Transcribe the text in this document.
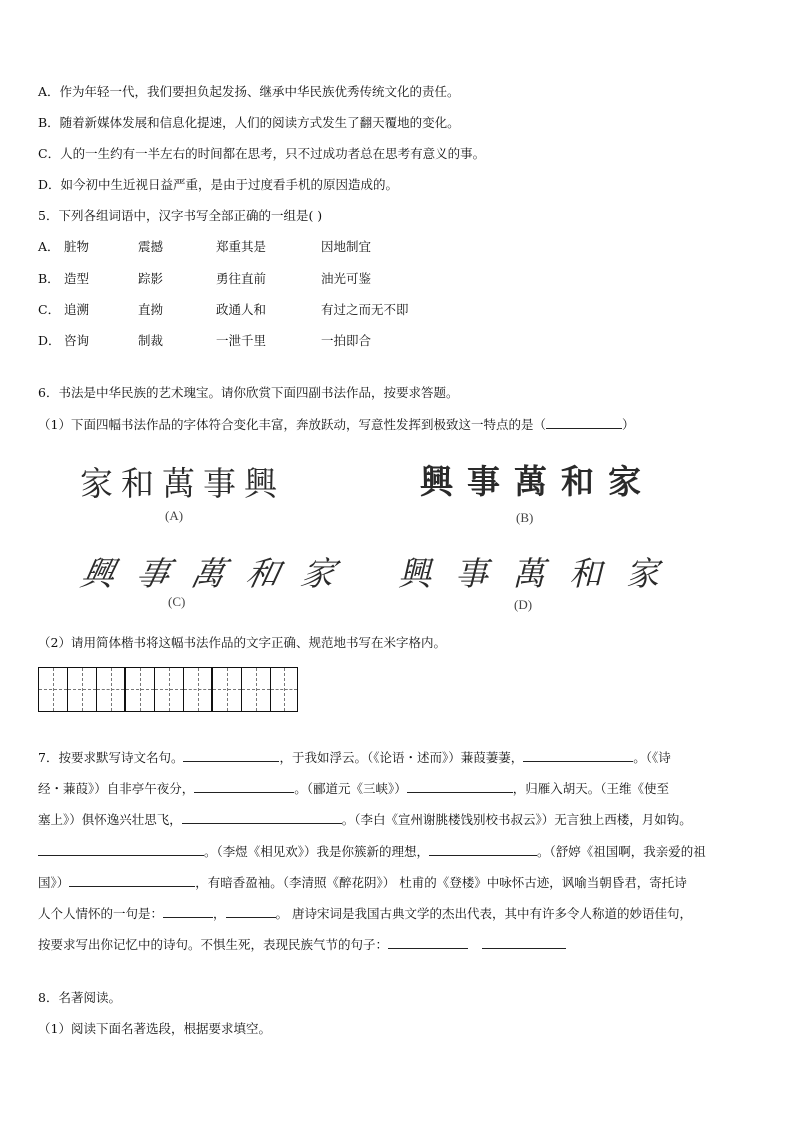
A．作为年轻一代，我们要担负起发扬、继承中华民族优秀传统文化的责任。
B．随着新媒体发展和信息化提速，人们的阅读方式发生了翻天覆地的变化。
C．人的一生约有一半左右的时间都在思考，只不过成功者总在思考有意义的事。
D．如今初中生近视日益严重，是由于过度看手机的原因造成的。
5．下列各组词语中，汉字书写全部正确的一组是( )
A． 脏物	震撼	郑重其是	因地制宜
B． 造型	踪影	勇往直前	油光可鉴
C． 追溯	直拗	政通人和	有过之而无不即
D． 咨询	制裁	一泄千里	一拍即合
6．书法是中华民族的艺术瑰宝。请你欣赏下面四副书法作品，按要求答题。
（1）下面四幅书法作品的字体符合变化丰富，奔放跃动，写意性发挥到极致这一特点的是（	）
家和萬事興
(A)
興事萬和家
(B)
興事萬和家
(C)
興事萬和家
(D)
（2）请用简体楷书将这幅书法作品的文字正确、规范地书写在米字格内。
7．按要求默写诗文名句。	，于我如浮云。（《论语・述而》）蒹葭萋萋，	。（《诗
经・蒹葭》）自非亭午夜分，	。（郦道元《三峡》）	，归雁入胡天。（王维《使至
塞上》）俱怀逸兴壮思飞，	。（李白《宣州谢朓楼饯别校书叔云》）无言独上西楼，月如钩。
。（李煜《相见欢》）我是你簇新的理想，	。（舒婷《祖国啊，我亲爱的祖
国》）	，有暗香盈袖。（李清照《醉花阴》） 杜甫的《登楼》中咏怀古迹，讽喻当朝昏君，寄托诗
人个人情怀的一句是：	，	。 唐诗宋词是我国古典文学的杰出代表，其中有许多令人称道的妙语佳句，
按要求写出你记忆中的诗句。不惧生死，表现民族气节的句子：
8．名著阅读。
（1）阅读下面名著选段，根据要求填空。
